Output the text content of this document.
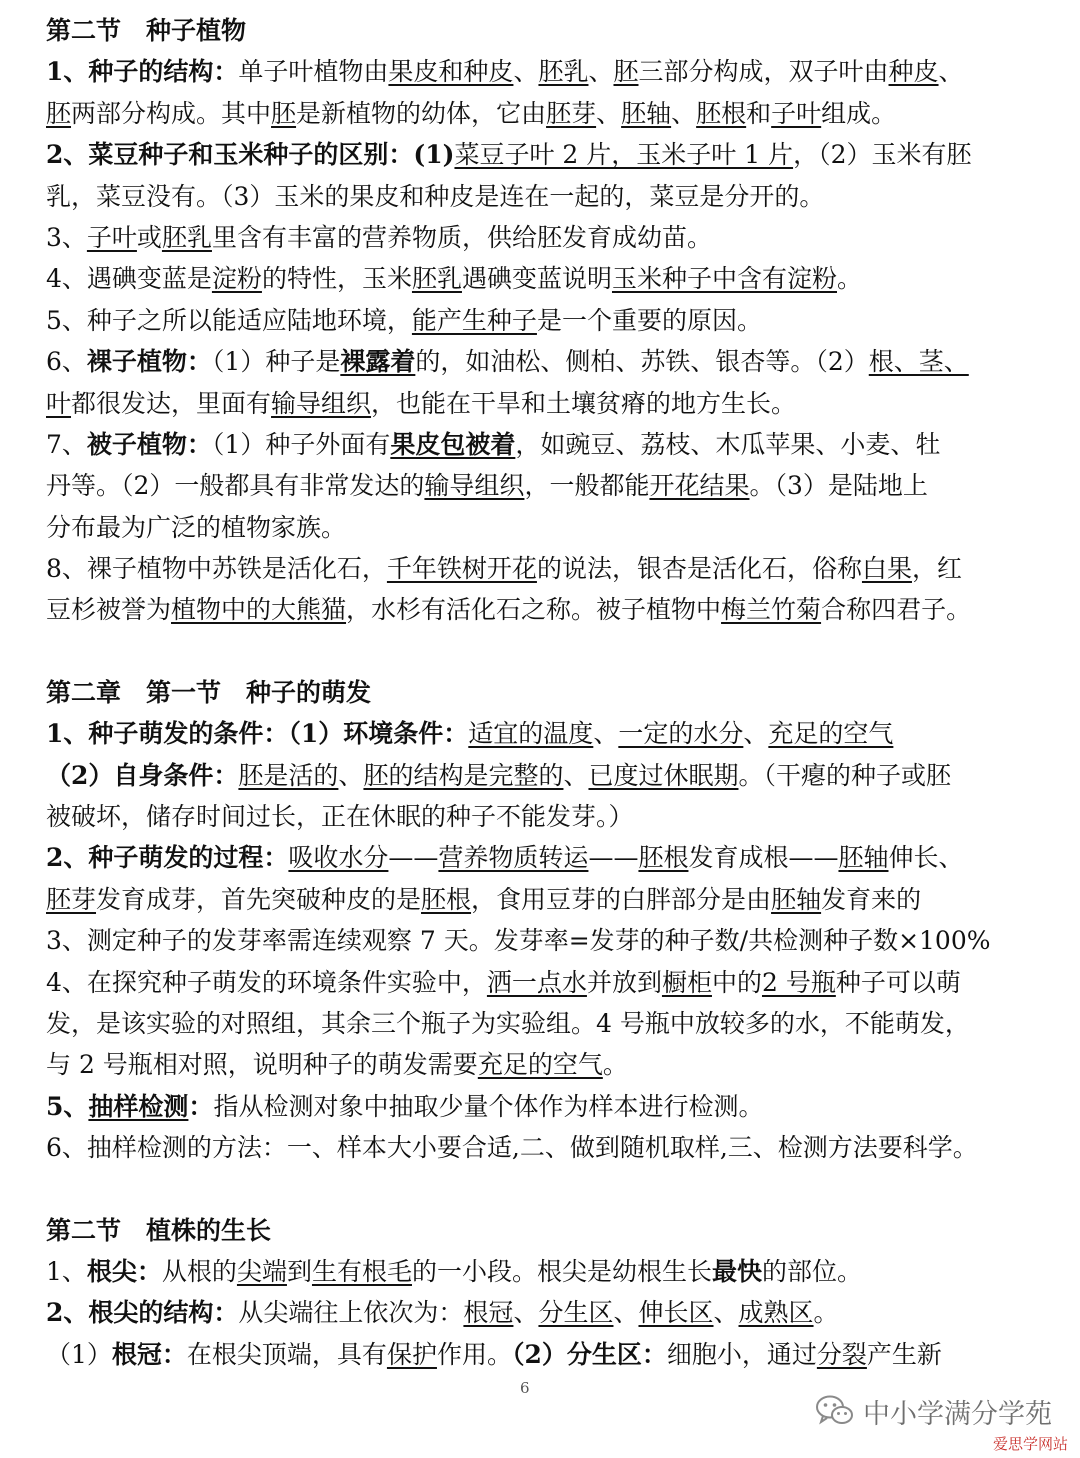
第二节　种子植物
1、种子的结构：单子叶植物由果皮和种皮、胚乳、胚三部分构成，双子叶由种皮、
胚两部分构成。其中胚是新植物的幼体，它由胚芽、胚轴、胚根和子叶组成。
2、菜豆种子和玉米种子的区别：(1)菜豆子叶 2 片，玉米子叶 1 片，（2）玉米有胚
乳，菜豆没有。（3）玉米的果皮和种皮是连在一起的，菜豆是分开的。
3、子叶或胚乳里含有丰富的营养物质，供给胚发育成幼苗。
4、遇碘变蓝是淀粉的特性，玉米胚乳遇碘变蓝说明玉米种子中含有淀粉。
5、种子之所以能适应陆地环境，能产生种子是一个重要的原因。
6、裸子植物：（1）种子是裸露着的，如油松、侧柏、苏铁、银杏等。（2）根、茎、
叶都很发达，里面有输导组织，也能在干旱和土壤贫瘠的地方生长。
7、被子植物：（1）种子外面有果皮包被着，如豌豆、荔枝、木瓜苹果、小麦、牡
丹等。（2）一般都具有非常发达的输导组织，一般都能开花结果。（3）是陆地上
分布最为广泛的植物家族。
8、裸子植物中苏铁是活化石，千年铁树开花的说法，银杏是活化石，俗称白果，红
豆杉被誉为植物中的大熊猫，水杉有活化石之称。被子植物中梅兰竹菊合称四君子。
第二章　第一节　种子的萌发
1、种子萌发的条件：（1）环境条件：适宜的温度、一定的水分、充足的空气
（2）自身条件：胚是活的、胚的结构是完整的、已度过休眠期。（干瘪的种子或胚
被破坏，储存时间过长，正在休眠的种子不能发芽。）
2、种子萌发的过程：吸收水分——营养物质转运——胚根发育成根——胚轴伸长、
胚芽发育成芽，首先突破种皮的是胚根，食用豆芽的白胖部分是由胚轴发育来的
3、测定种子的发芽率需连续观察 7 天。发芽率=发芽的种子数/共检测种子数×100%
4、在探究种子萌发的环境条件实验中，洒一点水并放到橱柜中的2 号瓶种子可以萌
发，是该实验的对照组，其余三个瓶子为实验组。4 号瓶中放较多的水，不能萌发，
与 2 号瓶相对照，说明种子的萌发需要充足的空气。
5、抽样检测：指从检测对象中抽取少量个体作为样本进行检测。
6、抽样检测的方法：一、样本大小要合适,二、做到随机取样,三、检测方法要科学。
第二节　植株的生长
1、根尖：从根的尖端到生有根毛的一小段。根尖是幼根生长最快的部位。
2、根尖的结构：从尖端往上依次为：根冠、分生区、伸长区、成熟区。
（1）根冠：在根尖顶端，具有保护作用。（2）分生区：细胞小，通过分裂产生新
6
中小学满分学苑
爱思学网站
